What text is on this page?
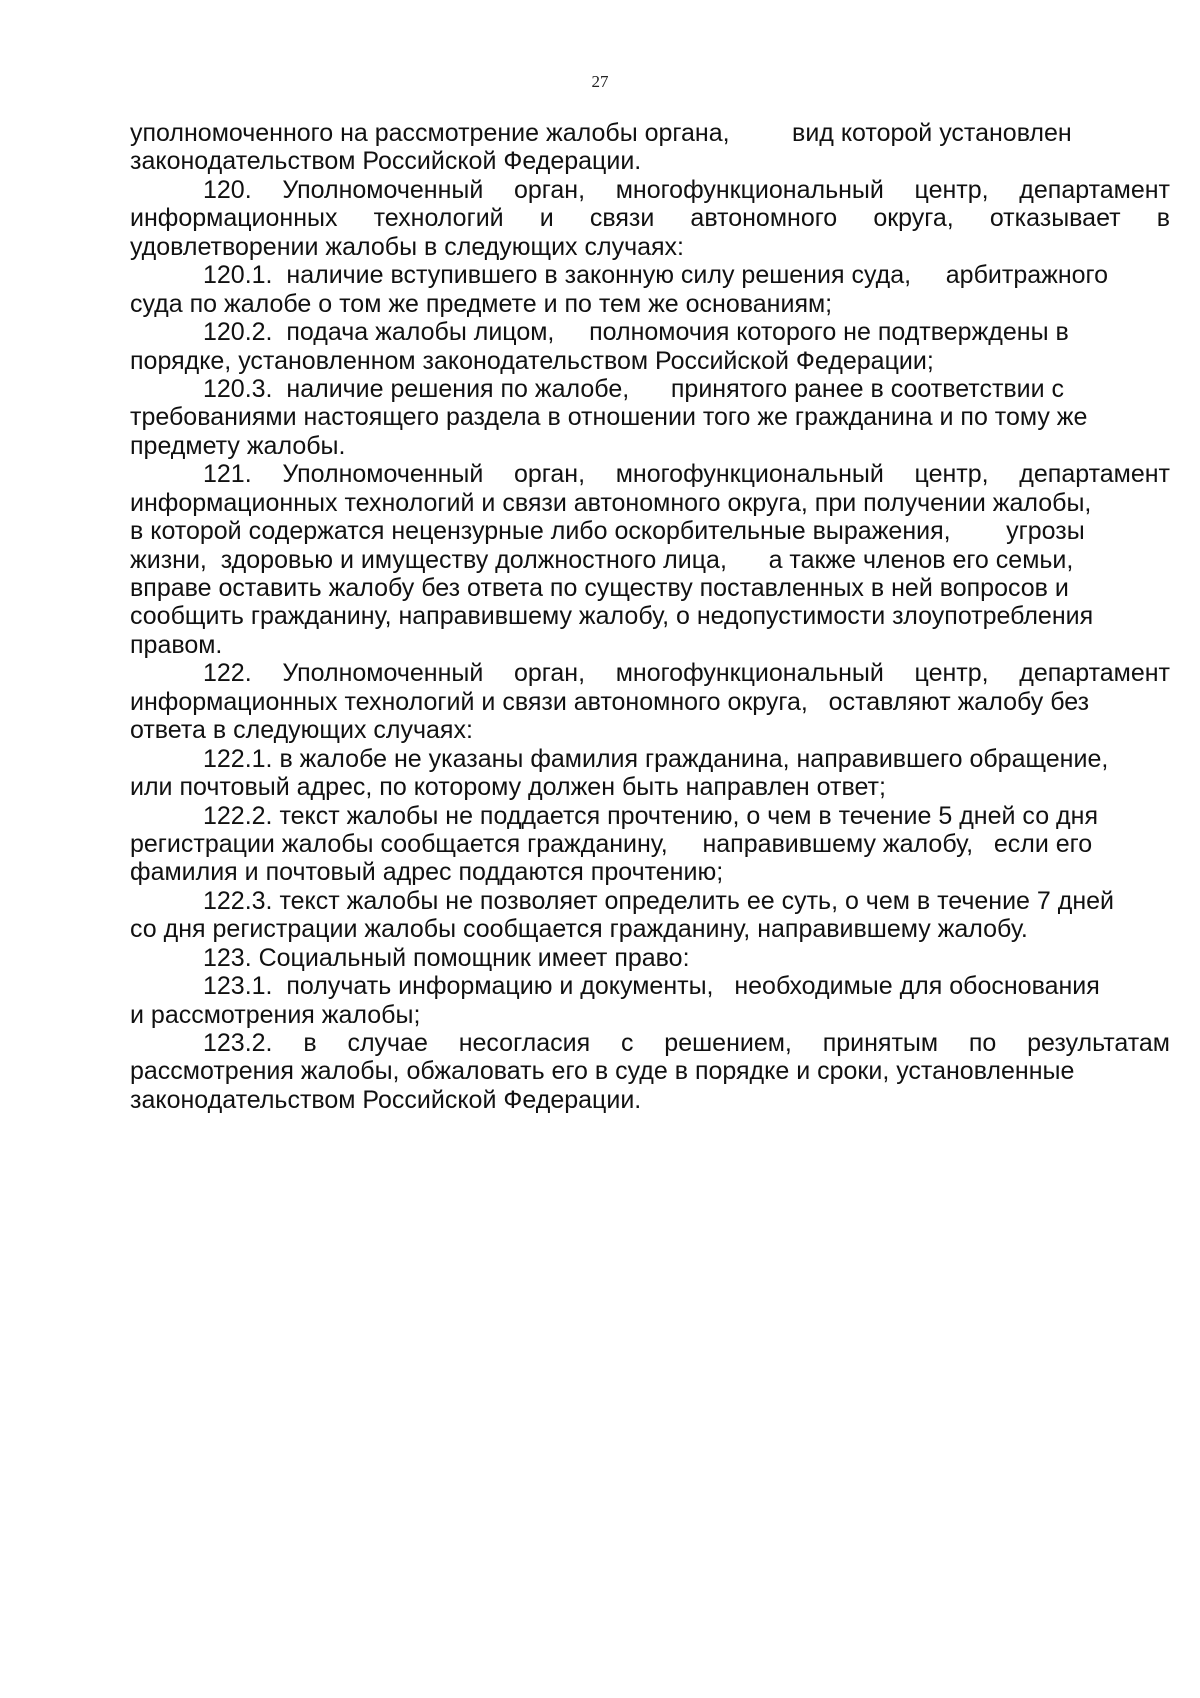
27
уполномоченного на рассмотрение жалобы органа,         вид которой установлен
законодательством Российской Федерации.
120. Уполномоченный орган, многофункциональный центр, департамент
информационных технологий и связи автономного округа, отказывает в
удовлетворении жалобы в следующих случаях:
120.1.  наличие вступившего в законную силу решения суда,     арбитражного
суда по жалобе о том же предмете и по тем же основаниям;
120.2.  подача жалобы лицом,     полномочия которого не подтверждены в
порядке, установленном законодательством Российской Федерации;
120.3.  наличие решения по жалобе,      принятого ранее в соответствии с
требованиями настоящего раздела в отношении того же гражданина и по тому же
предмету жалобы.
121. Уполномоченный орган, многофункциональный центр, департамент
информационных технологий и связи автономного округа, при получении жалобы,
в которой содержатся нецензурные либо оскорбительные выражения,        угрозы
жизни,  здоровью и имуществу должностного лица,      а также членов его семьи,
вправе оставить жалобу без ответа по существу поставленных в ней вопросов и
сообщить гражданину, направившему жалобу, о недопустимости злоупотребления
правом.
122. Уполномоченный орган, многофункциональный центр, департамент
информационных технологий и связи автономного округа,   оставляют жалобу без
ответа в следующих случаях:
122.1. в жалобе не указаны фамилия гражданина, направившего обращение,
или почтовый адрес, по которому должен быть направлен ответ;
122.2. текст жалобы не поддается прочтению, о чем в течение 5 дней со дня
регистрации жалобы сообщается гражданину,     направившему жалобу,   если его
фамилия и почтовый адрес поддаются прочтению;
122.3. текст жалобы не позволяет определить ее суть, о чем в течение 7 дней
со дня регистрации жалобы сообщается гражданину, направившему жалобу.
123. Социальный помощник имеет право:
123.1.  получать информацию и документы,   необходимые для обоснования
и рассмотрения жалобы;
123.2. в случае несогласия с решением, принятым по результатам
рассмотрения жалобы, обжаловать его в суде в порядке и сроки, установленные
законодательством Российской Федерации.
